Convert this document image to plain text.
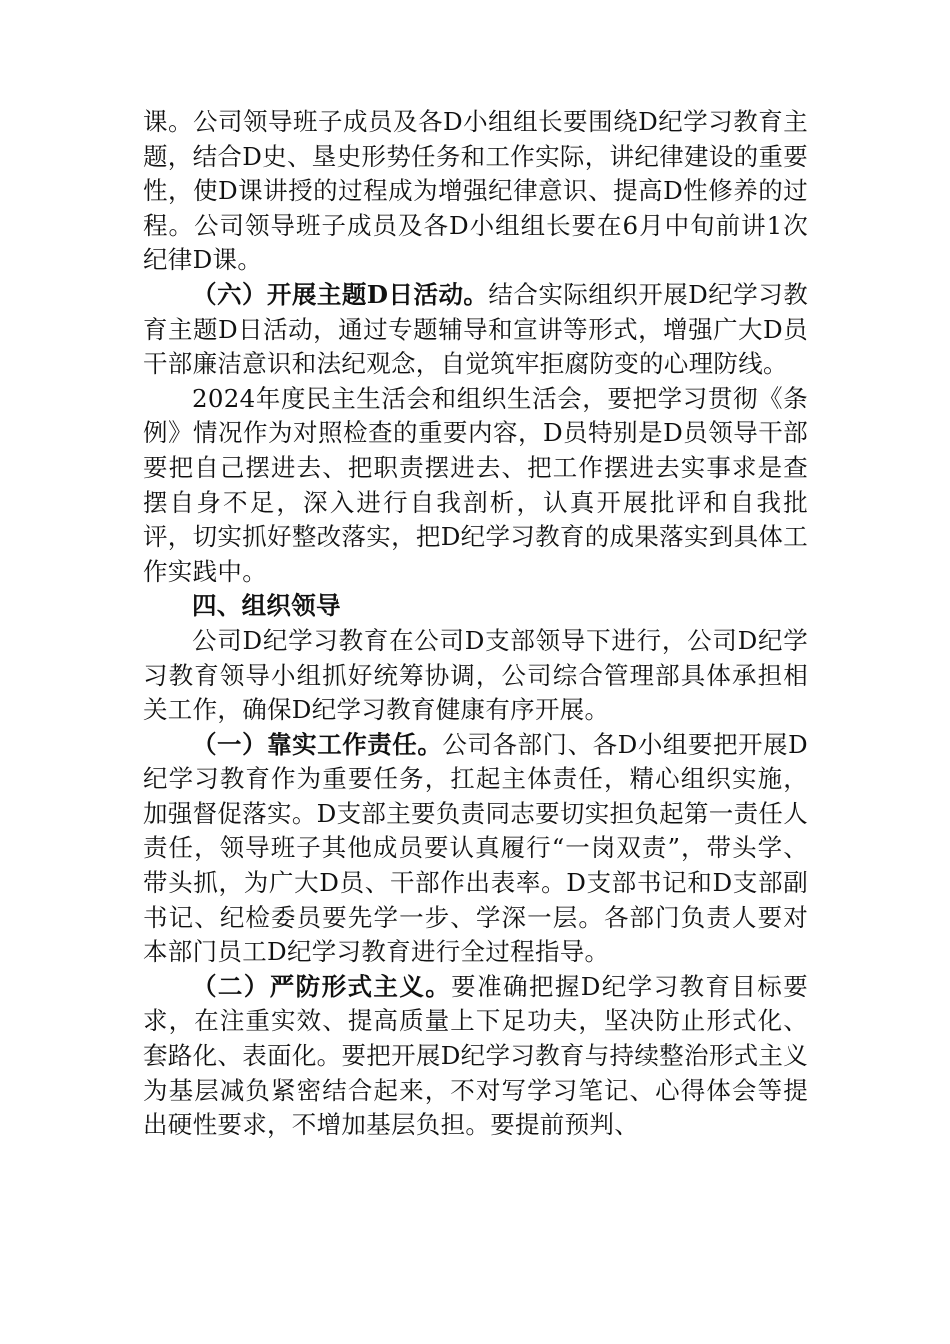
课。公司领导班子成员及各D小组组长要围绕D纪学习教育主题，结合D史、垦史形势任务和工作实际，讲纪律建设的重要性，使D课讲授的过程成为增强纪律意识、提高D性修养的过程。公司领导班子成员及各D小组组长要在6月中旬前讲1次纪律D课。

（六）开展主题D日活动。结合实际组织开展D纪学习教育主题D日活动，通过专题辅导和宣讲等形式，增强广大D员干部廉洁意识和法纪观念，自觉筑牢拒腐防变的心理防线。

2024年度民主生活会和组织生活会，要把学习贯彻《条例》情况作为对照检查的重要内容，D员特别是D员领导干部要把自己摆进去、把职责摆进去、把工作摆进去实事求是查摆自身不足，深入进行自我剖析，认真开展批评和自我批评，切实抓好整改落实，把D纪学习教育的成果落实到具体工作实践中。

四、组织领导

公司D纪学习教育在公司D支部领导下进行，公司D纪学习教育领导小组抓好统筹协调，公司综合管理部具体承担相关工作，确保D纪学习教育健康有序开展。

（一）靠实工作责任。公司各部门、各D小组要把开展D纪学习教育作为重要任务，扛起主体责任，精心组织实施，加强督促落实。D支部主要负责同志要切实担负起第一责任人责任，领导班子其他成员要认真履行“一岗双责”，带头学、带头抓，为广大D员、干部作出表率。D支部书记和D支部副书记、纪检委员要先学一步、学深一层。各部门负责人要对本部门员工D纪学习教育进行全过程指导。

（二）严防形式主义。要准确把握D纪学习教育目标要求，在注重实效、提高质量上下足功夫，坚决防止形式化、套路化、表面化。要把开展D纪学习教育与持续整治形式主义为基层减负紧密结合起来，不对写学习笔记、心得体会等提出硬性要求，不增加基层负担。要提前预判、
